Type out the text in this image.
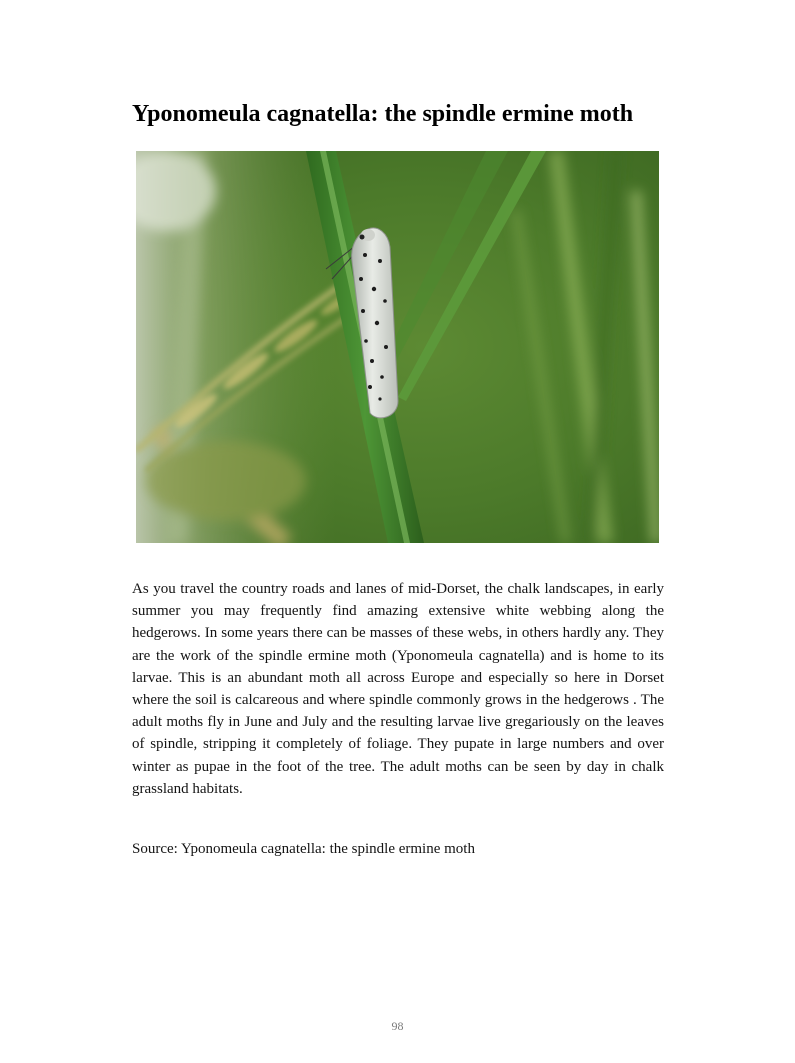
Yponomeula cagnatella: the spindle ermine moth

As you travel the country roads and lanes of mid-Dorset, the chalk landscapes, in early summer you may frequently find amazing extensive white webbing along the hedgerows. In some years there can be masses of these webs, in others hardly any. They are the work of the spindle ermine moth (Yponomeula cagnatella) and is home to its larvae. This is an abundant moth all across Europe and especially so here in Dorset where the soil is calcareous and where spindle commonly grows in the hedgerows . The adult moths fly in June and July and the resulting larvae live gregariously on the leaves of spindle, stripping it completely of foliage. They pupate in large numbers and over winter as pupae in the foot of the tree. The adult moths can be seen by day in chalk grassland habitats.

Source: Yponomeula cagnatella: the spindle ermine moth

98
